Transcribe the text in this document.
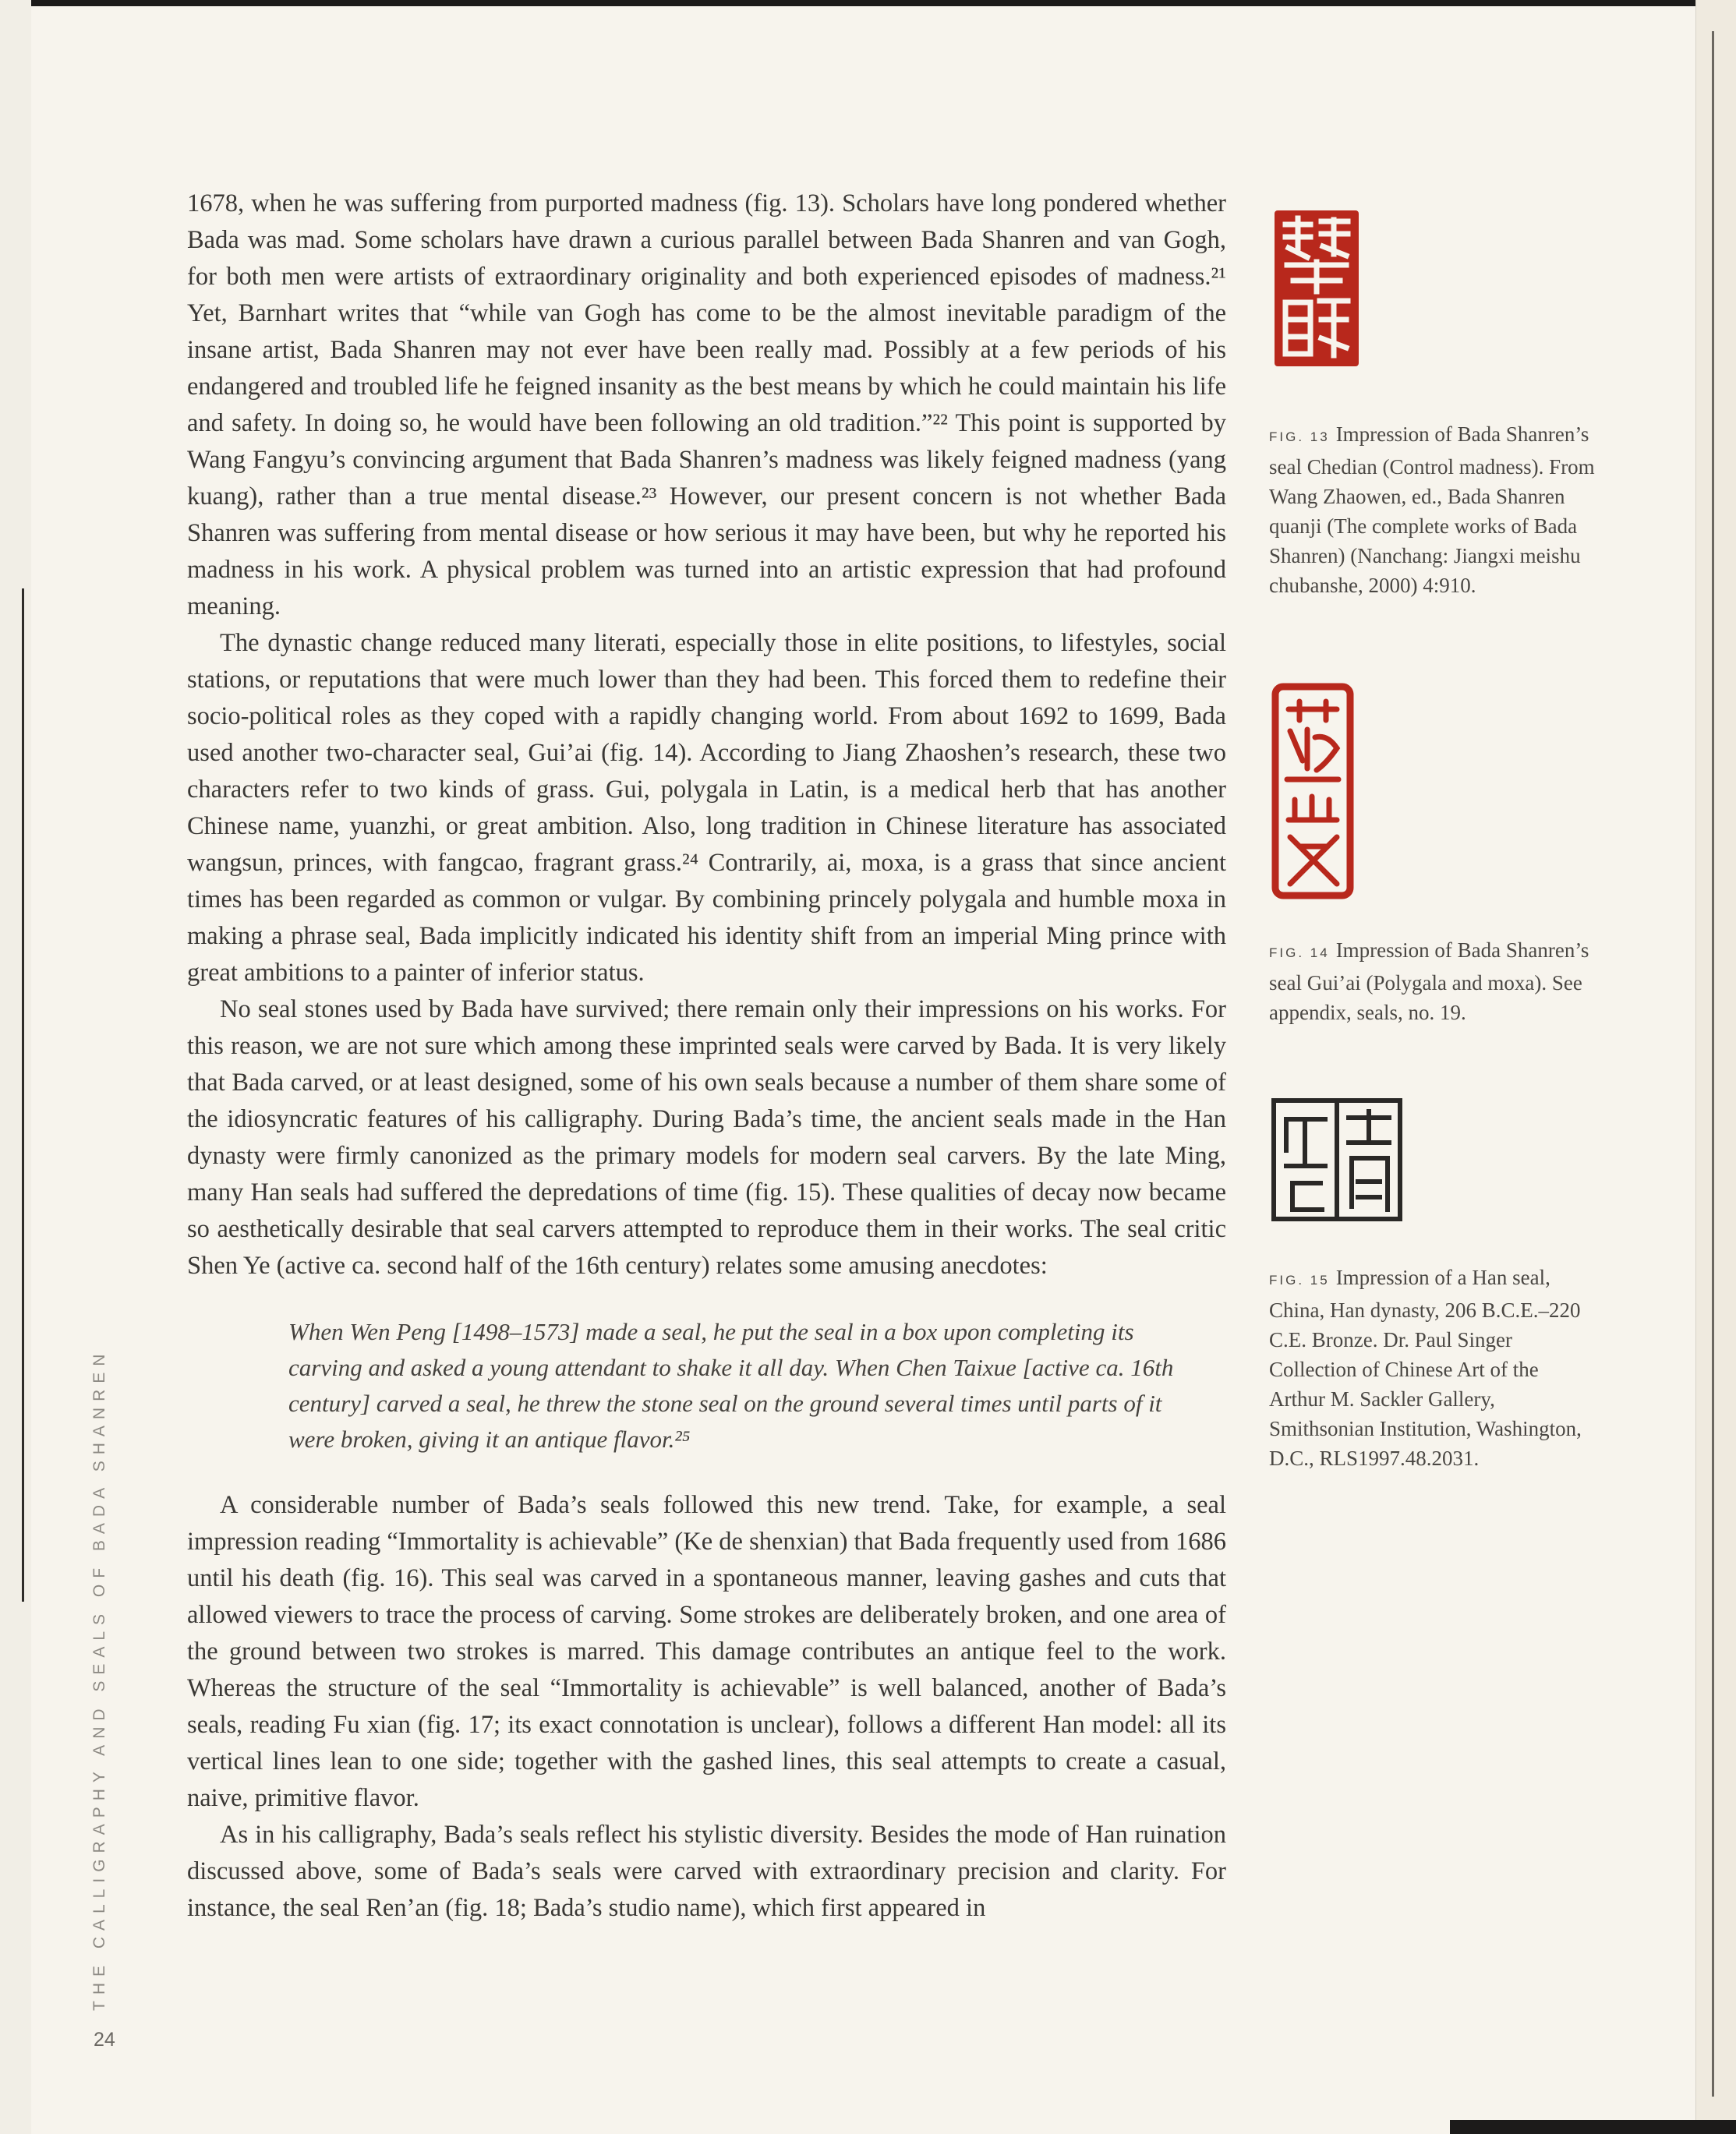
THE CALLIGRAPHY AND SEALS OF BADA SHANREN
24

1678, when he was suffering from purported madness (fig. 13). Scholars have long pondered whether Bada was mad. Some scholars have drawn a curious parallel between Bada Shanren and van Gogh, for both men were artists of extraordinary originality and both experienced episodes of madness.²¹ Yet, Barnhart writes that “while van Gogh has come to be the almost inevitable paradigm of the insane artist, Bada Shanren may not ever have been really mad. Possibly at a few periods of his endangered and troubled life he feigned insanity as the best means by which he could maintain his life and safety. In doing so, he would have been following an old tradition.”²² This point is supported by Wang Fangyu’s convincing argument that Bada Shanren’s madness was likely feigned madness (yang kuang), rather than a true mental disease.²³ However, our present concern is not whether Bada Shanren was suffering from mental disease or how serious it may have been, but why he reported his madness in his work. A physical problem was turned into an artistic expression that had profound meaning.

The dynastic change reduced many literati, especially those in elite positions, to lifestyles, social stations, or reputations that were much lower than they had been. This forced them to redefine their socio-political roles as they coped with a rapidly changing world. From about 1692 to 1699, Bada used another two-character seal, Gui’ai (fig. 14). According to Jiang Zhaoshen’s research, these two characters refer to two kinds of grass. Gui, polygala in Latin, is a medical herb that has another Chinese name, yuanzhi, or great ambition. Also, long tradition in Chinese literature has associated wangsun, princes, with fangcao, fragrant grass.²⁴ Contrarily, ai, moxa, is a grass that since ancient times has been regarded as common or vulgar. By combining princely polygala and humble moxa in making a phrase seal, Bada implicitly indicated his identity shift from an imperial Ming prince with great ambitions to a painter of inferior status.

No seal stones used by Bada have survived; there remain only their impressions on his works. For this reason, we are not sure which among these imprinted seals were carved by Bada. It is very likely that Bada carved, or at least designed, some of his own seals because a number of them share some of the idiosyncratic features of his calligraphy. During Bada’s time, the ancient seals made in the Han dynasty were firmly canonized as the primary models for modern seal carvers. By the late Ming, many Han seals had suffered the depredations of time (fig. 15). These qualities of decay now became so aesthetically desirable that seal carvers attempted to reproduce them in their works. The seal critic Shen Ye (active ca. second half of the 16th century) relates some amusing anecdotes:

When Wen Peng [1498–1573] made a seal, he put the seal in a box upon completing its carving and asked a young attendant to shake it all day. When Chen Taixue [active ca. 16th century] carved a seal, he threw the stone seal on the ground several times until parts of it were broken, giving it an antique flavor.²⁵

A considerable number of Bada’s seals followed this new trend. Take, for example, a seal impression reading “Immortality is achievable” (Ke de shenxian) that Bada frequently used from 1686 until his death (fig. 16). This seal was carved in a spontaneous manner, leaving gashes and cuts that allowed viewers to trace the process of carving. Some strokes are deliberately broken, and one area of the ground between two strokes is marred. This damage contributes an antique feel to the work. Whereas the structure of the seal “Immortality is achievable” is well balanced, another of Bada’s seals, reading Fu xian (fig. 17; its exact connotation is unclear), follows a different Han model: all its vertical lines lean to one side; together with the gashed lines, this seal attempts to create a casual, naive, primitive flavor.

As in his calligraphy, Bada’s seals reflect his stylistic diversity. Besides the mode of Han ruination discussed above, some of Bada’s seals were carved with extraordinary precision and clarity. For instance, the seal Ren’an (fig. 18; Bada’s studio name), which first appeared in

FIG. 13 Impression of Bada Shanren’s seal Chedian (Control madness). From Wang Zhaowen, ed., Bada Shanren quanji (The complete works of Bada Shanren) (Nanchang: Jiangxi meishu chubanshe, 2000) 4:910.

FIG. 14 Impression of Bada Shanren’s seal Gui’ai (Polygala and moxa). See appendix, seals, no. 19.

FIG. 15 Impression of a Han seal, China, Han dynasty, 206 B.C.E.–220 C.E. Bronze. Dr. Paul Singer Collection of Chinese Art of the Arthur M. Sackler Gallery, Smithsonian Institution, Washington, D.C., RLS1997.48.2031.
